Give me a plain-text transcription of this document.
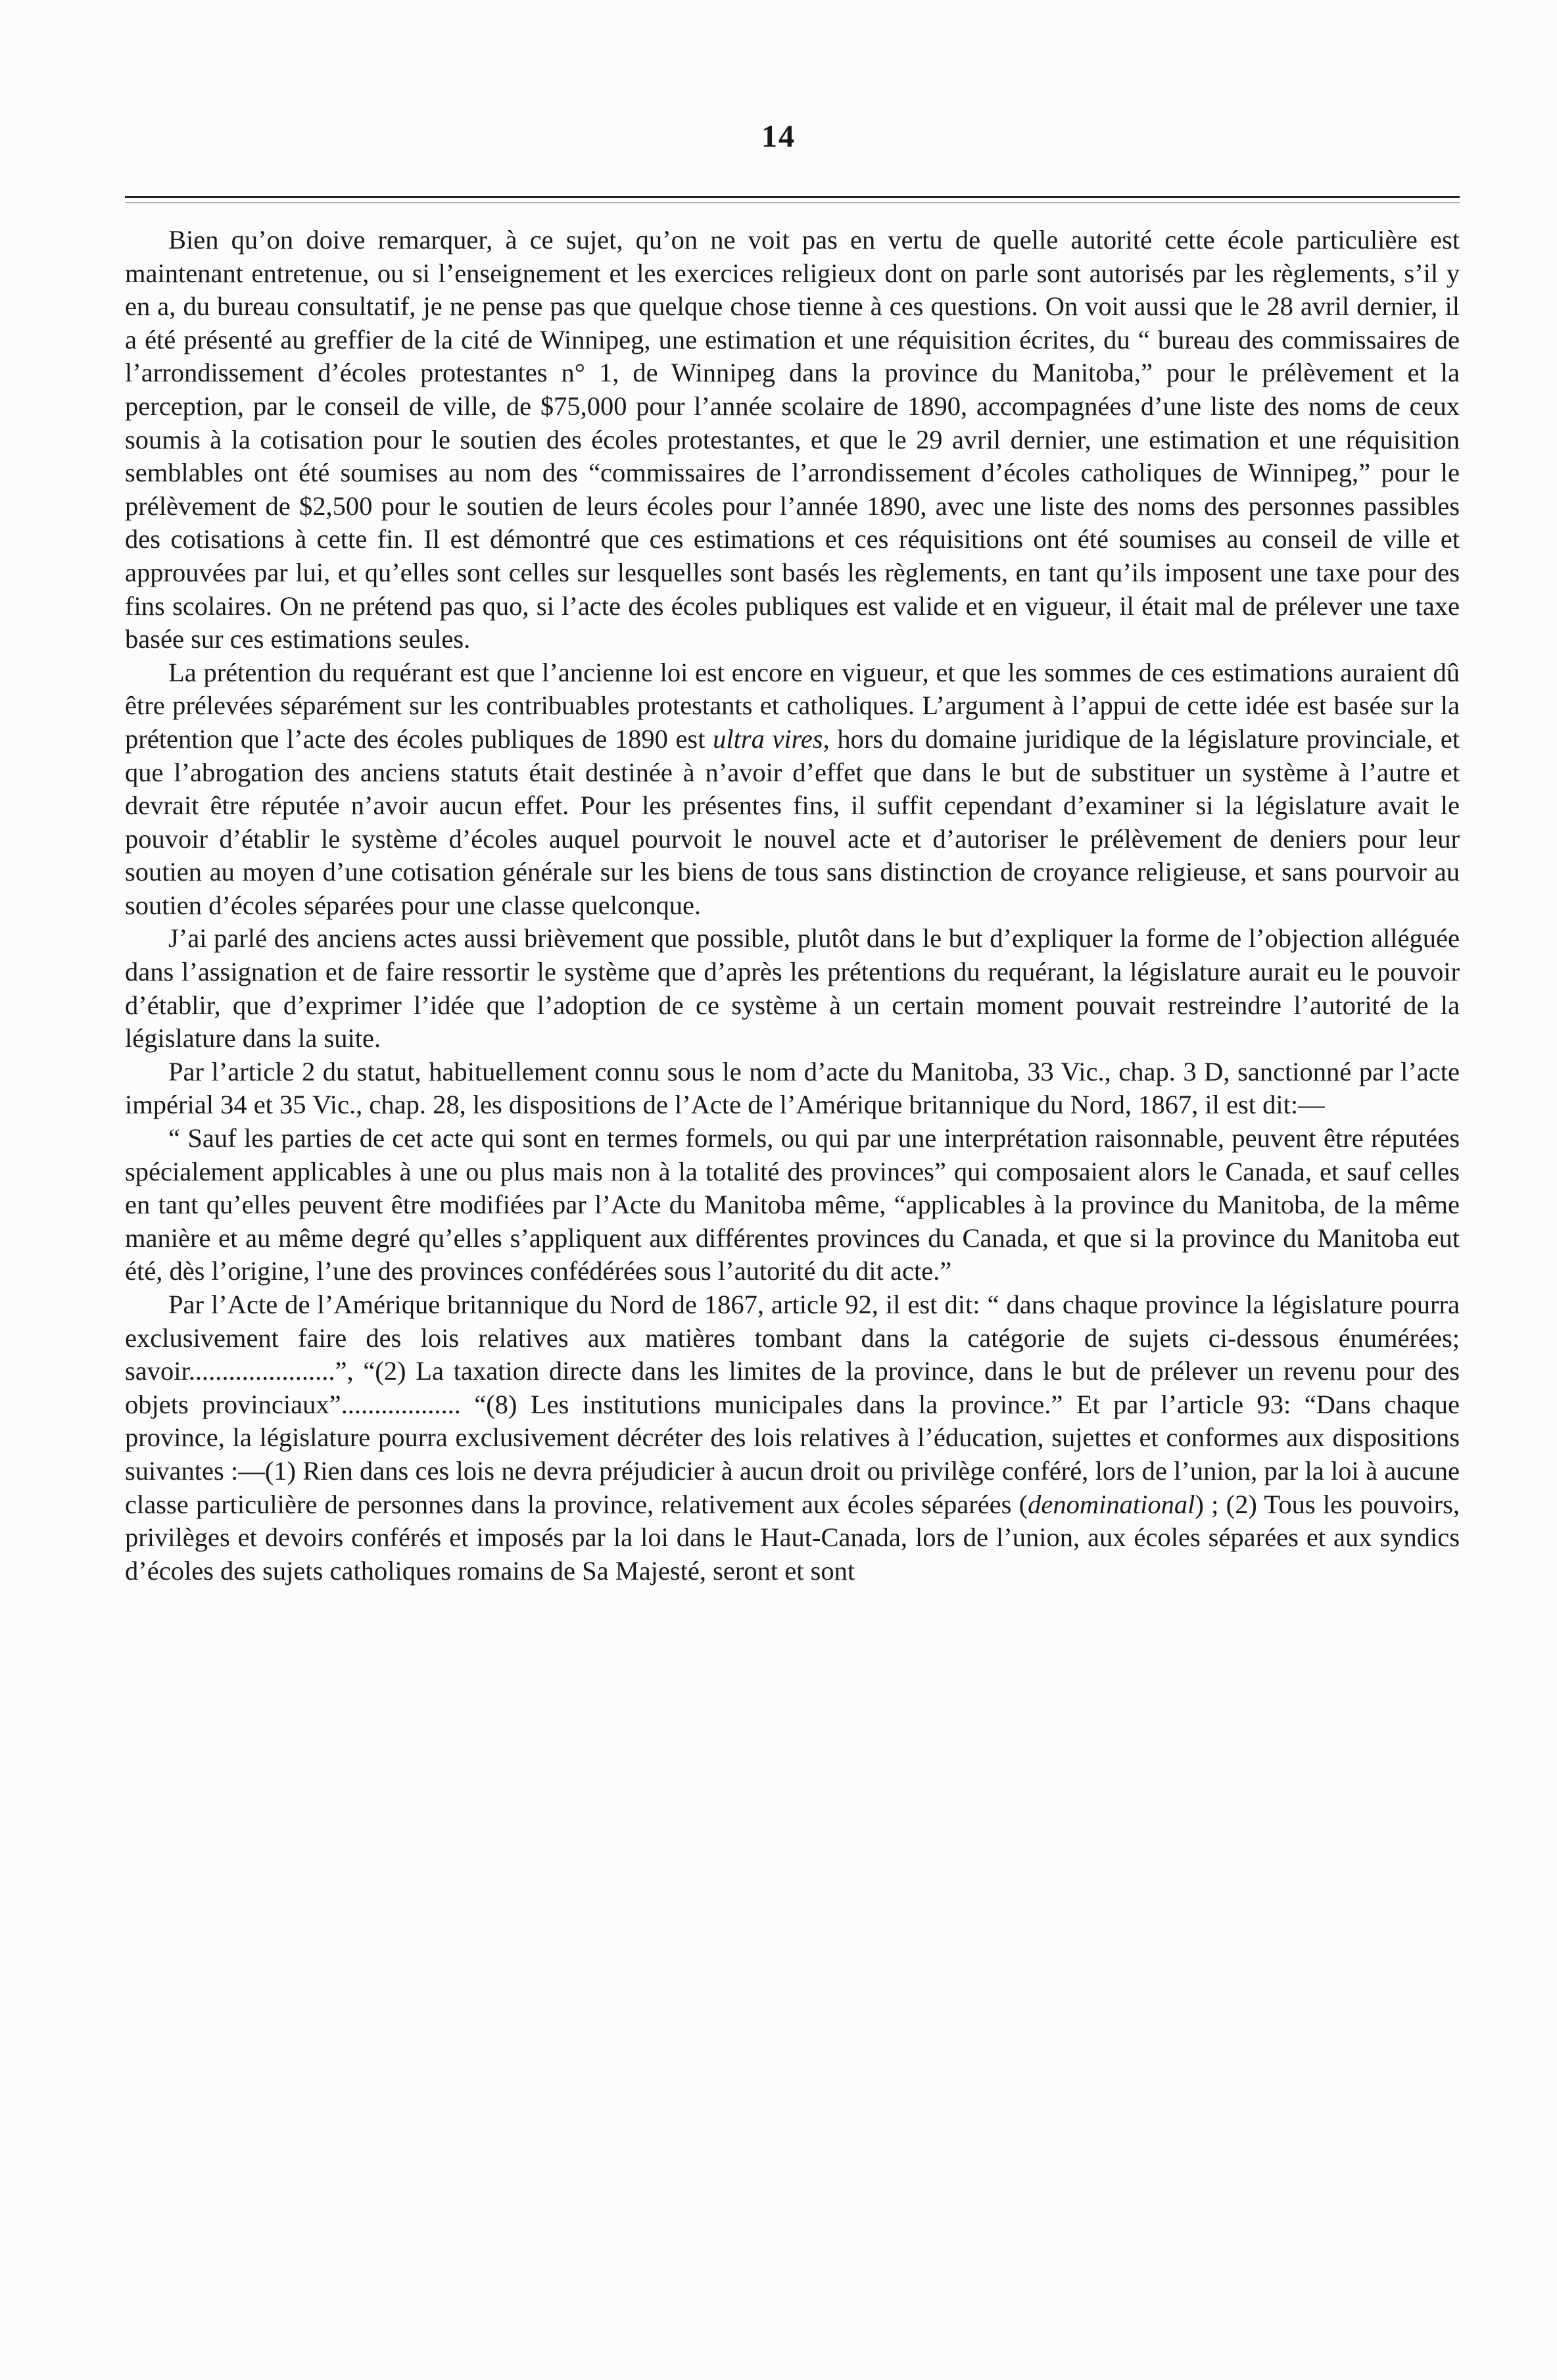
14

Bien qu’on doive remarquer, à ce sujet, qu’on ne voit pas en vertu de quelle autorité cette école particulière est maintenant entretenue, ou si l’enseignement et les exercices religieux dont on parle sont autorisés par les règlements, s’il y en a, du bureau consultatif, je ne pense pas que quelque chose tienne à ces questions. On voit aussi que le 28 avril dernier, il a été présenté au greffier de la cité de Winnipeg, une estimation et une réquisition écrites, du “ bureau des commissaires de l’arrondissement d’écoles protestantes n° 1, de Winnipeg dans la province du Manitoba,” pour le prélèvement et la perception, par le conseil de ville, de $75,000 pour l’année scolaire de 1890, accompagnées d’une liste des noms de ceux soumis à la cotisation pour le soutien des écoles protestantes, et que le 29 avril dernier, une estimation et une réquisition semblables ont été soumises au nom des “commissaires de l’arrondissement d’écoles catholiques de Winnipeg,” pour le prélèvement de $2,500 pour le soutien de leurs écoles pour l’année 1890, avec une liste des noms des personnes passibles des cotisations à cette fin. Il est démontré que ces estimations et ces réquisitions ont été soumises au conseil de ville et approuvées par lui, et qu’elles sont celles sur lesquelles sont basés les règlements, en tant qu’ils imposent une taxe pour des fins scolaires. On ne prétend pas quo, si l’acte des écoles publiques est valide et en vigueur, il était mal de prélever une taxe basée sur ces estimations seules.

La prétention du requérant est que l’ancienne loi est encore en vigueur, et que les sommes de ces estimations auraient dû être prélevées séparément sur les contribuables protestants et catholiques. L’argument à l’appui de cette idée est basée sur la prétention que l’acte des écoles publiques de 1890 est ultra vires, hors du domaine juridique de la législature provinciale, et que l’abrogation des anciens statuts était destinée à n’avoir d’effet que dans le but de substituer un système à l’autre et devrait être réputée n’avoir aucun effet. Pour les présentes fins, il suffit cependant d’examiner si la législature avait le pouvoir d’établir le système d’écoles auquel pourvoit le nouvel acte et d’autoriser le prélèvement de deniers pour leur soutien au moyen d’une cotisation générale sur les biens de tous sans distinction de croyance religieuse, et sans pourvoir au soutien d’écoles séparées pour une classe quelconque.

J’ai parlé des anciens actes aussi brièvement que possible, plutôt dans le but d’expliquer la forme de l’objection alléguée dans l’assignation et de faire ressortir le système que d’après les prétentions du requérant, la législature aurait eu le pouvoir d’établir, que d’exprimer l’idée que l’adoption de ce système à un certain moment pouvait restreindre l’autorité de la législature dans la suite.

Par l’article 2 du statut, habituellement connu sous le nom d’acte du Manitoba, 33 Vic., chap. 3 D, sanctionné par l’acte impérial 34 et 35 Vic., chap. 28, les dispositions de l’Acte de l’Amérique britannique du Nord, 1867, il est dit:—

“ Sauf les parties de cet acte qui sont en termes formels, ou qui par une interprétation raisonnable, peuvent être réputées spécialement applicables à une ou plus mais non à la totalité des provinces” qui composaient alors le Canada, et sauf celles en tant qu’elles peuvent être modifiées par l’Acte du Manitoba même, “applicables à la province du Manitoba, de la même manière et au même degré qu’elles s’appliquent aux différentes provinces du Canada, et que si la province du Manitoba eut été, dès l’origine, l’une des provinces confédérées sous l’autorité du dit acte.”

Par l’Acte de l’Amérique britannique du Nord de 1867, article 92, il est dit: “ dans chaque province la législature pourra exclusivement faire des lois relatives aux matières tombant dans la catégorie de sujets ci-dessous énumérées; savoir......................”, “(2) La taxation directe dans les limites de la province, dans le but de prélever un revenu pour des objets provinciaux”.................. “(8) Les institutions municipales dans la province.” Et par l’article 93: “Dans chaque province, la législature pourra exclusivement décréter des lois relatives à l’éducation, sujettes et conformes aux dispositions suivantes :—(1) Rien dans ces lois ne devra préjudicier à aucun droit ou privilège conféré, lors de l’union, par la loi à aucune classe particulière de personnes dans la province, relativement aux écoles séparées (denominational) ; (2) Tous les pouvoirs, privilèges et devoirs conférés et imposés par la loi dans le Haut-Canada, lors de l’union, aux écoles séparées et aux syndics d’écoles des sujets catholiques romains de Sa Majesté, seront et sont
